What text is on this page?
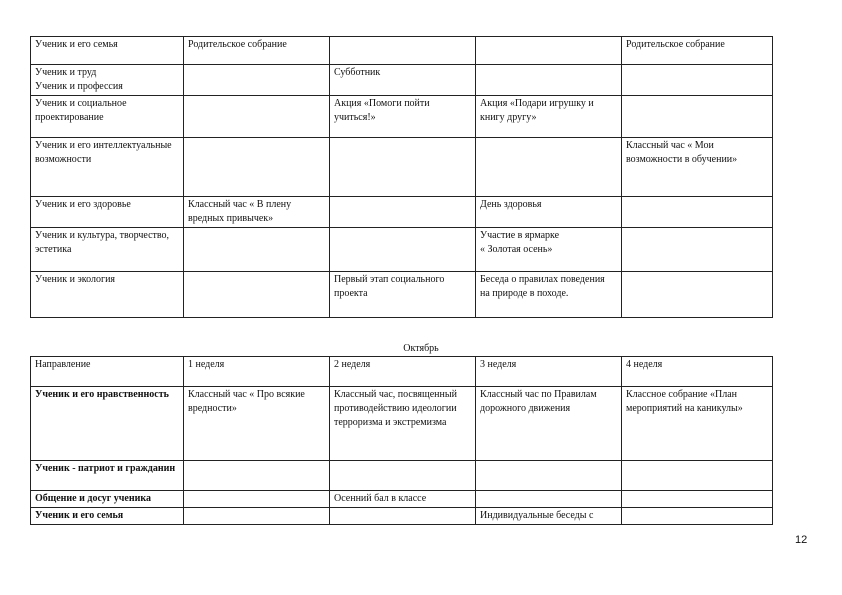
Ученик и его семья	Родительское собрание			Родительское собрание
Ученик и труд
Ученик и профессия		Субботник		
Ученик и социальное проектирование		Акция «Помоги пойти учиться!»	Акция «Подари игрушку и книгу другу»	
Ученик и его интеллектуальные возможности				Классный час « Мои возможности в обучении»
Ученик и его здоровье	Классный час « В плену вредных привычек»		День здоровья	
Ученик и культура, творчество, эстетика			Участие в ярмарке
« Золотая осень»	
Ученик и экология		Первый этап социального проекта	Беседа о правилах поведения на природе в походе.	
Октябрь
Направление	1 неделя	2 неделя	3 неделя	4 неделя
Ученик и его нравственность	Классный час « Про всякие вредности»	Классный час, посвященный противодействию идеологии терроризма и экстремизма	Классный час по Правилам дорожного движения	Классное собрание «План мероприятий на каникулы»
Ученик - патриот и гражданин				
Общение и досуг ученика		Осенний бал в классе		
Ученик и его семья			Индивидуальные беседы с	
12
